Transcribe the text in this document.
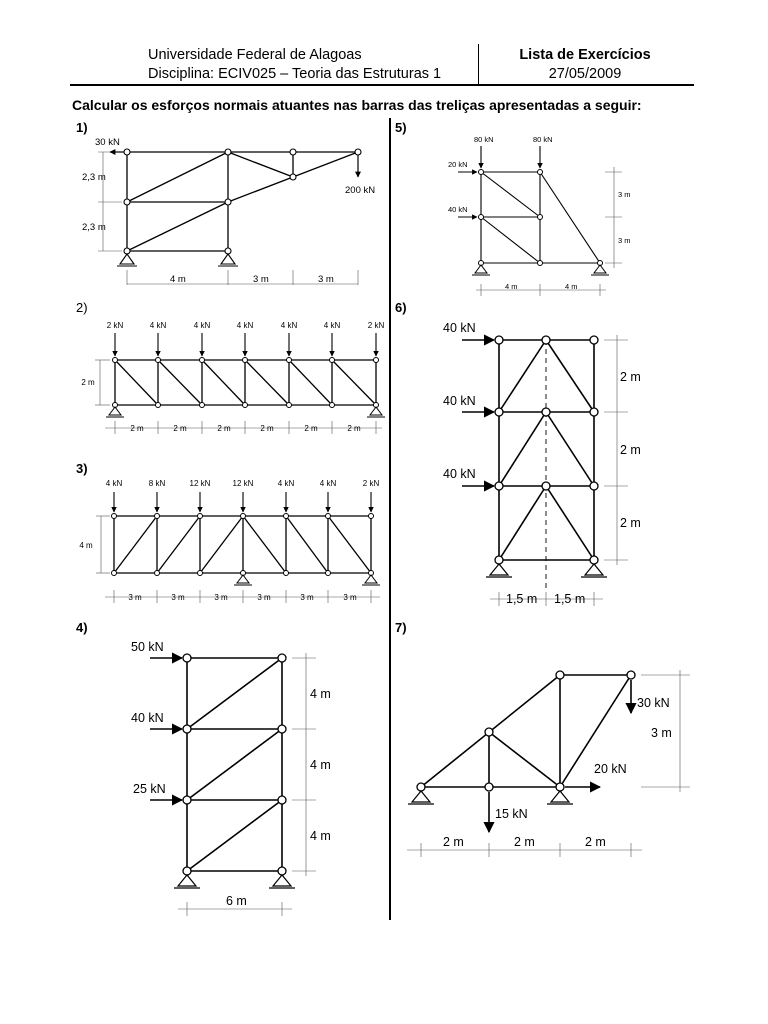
Universidade Federal de Alagoas
Disciplina: ECIV025 – Teoria das Estruturas 1
Lista de Exercícios
27/05/2009
Calcular os esforços normais atuantes nas barras das treliças apresentadas a seguir:
1)
2)
3)
4)
5)
6)
7)
30 kN
200 kN
2,3 m
2,3 m
4 m	3 m	3 m
2 kN	4 kN	4 kN	4 kN	4 kN	4 kN	2 kN
2 m
2 m	2 m	2 m	2 m	2 m	2 m
4 kN	8 kN	12 kN	12 kN	4 kN	4 kN	2 kN
4 m
3 m	3 m	3 m	3 m	3 m	3 m
50 kN
40 kN
25 kN
4 m
4 m
4 m
6 m
80 kN	80 kN
20 kN
40 kN
3 m
3 m
4 m	4 m
40 kN
40 kN
40 kN
2 m
2 m
2 m
1,5 m 1,5 m
30 kN
20 kN
15 kN
3 m
2 m	2 m	2 m
